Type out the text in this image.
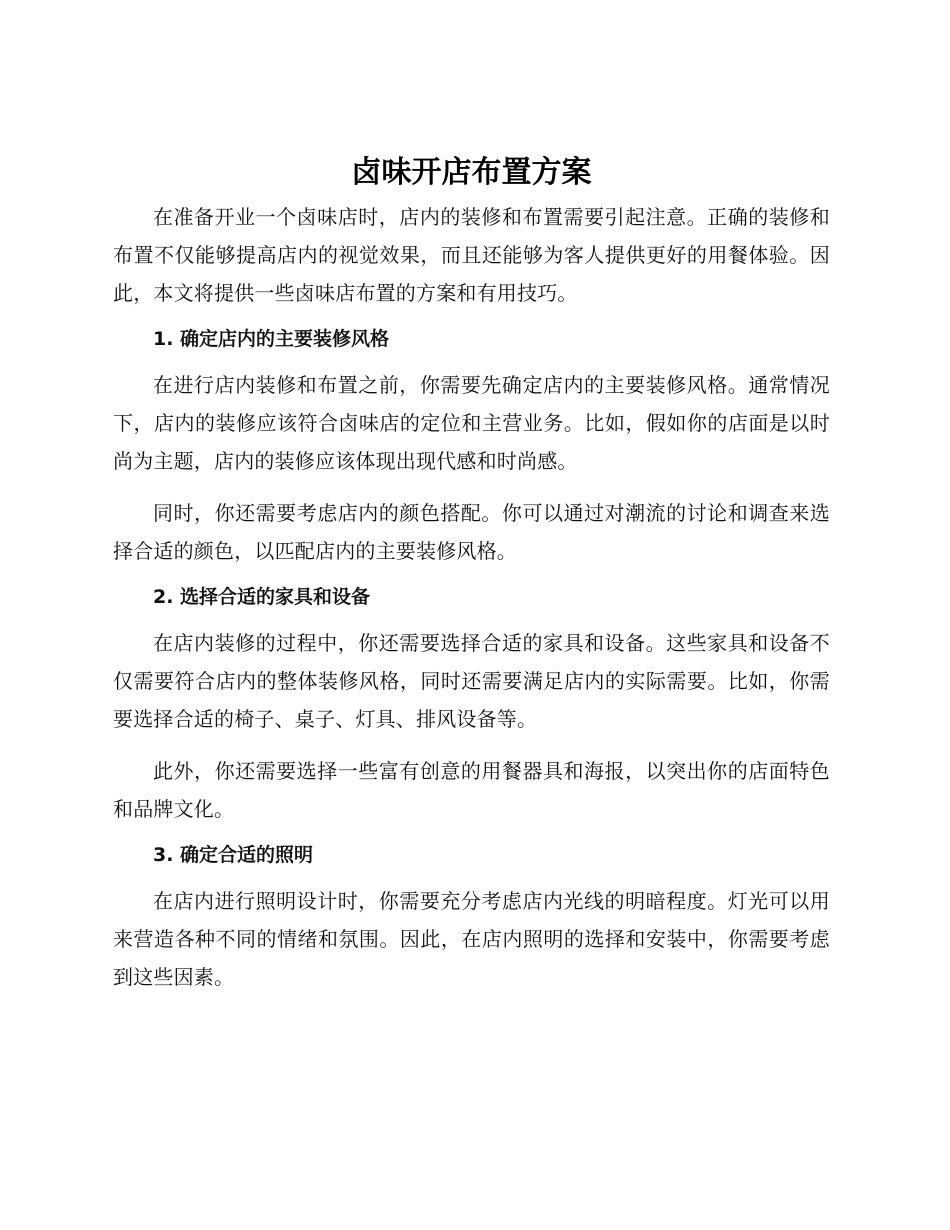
卤味开店布置方案

在准备开业一个卤味店时，店内的装修和布置需要引起注意。正确的装修和布置不仅能够提高店内的视觉效果，而且还能够为客人提供更好的用餐体验。因此，本文将提供一些卤味店布置的方案和有用技巧。

1. 确定店内的主要装修风格

在进行店内装修和布置之前，你需要先确定店内的主要装修风格。通常情况下，店内的装修应该符合卤味店的定位和主营业务。比如，假如你的店面是以时尚为主题，店内的装修应该体现出现代感和时尚感。

同时，你还需要考虑店内的颜色搭配。你可以通过对潮流的讨论和调查来选择合适的颜色，以匹配店内的主要装修风格。

2. 选择合适的家具和设备

在店内装修的过程中，你还需要选择合适的家具和设备。这些家具和设备不仅需要符合店内的整体装修风格，同时还需要满足店内的实际需要。比如，你需要选择合适的椅子、桌子、灯具、排风设备等。

此外，你还需要选择一些富有创意的用餐器具和海报，以突出你的店面特色和品牌文化。

3. 确定合适的照明

在店内进行照明设计时，你需要充分考虑店内光线的明暗程度。灯光可以用来营造各种不同的情绪和氛围。因此，在店内照明的选择和安装中，你需要考虑到这些因素。
